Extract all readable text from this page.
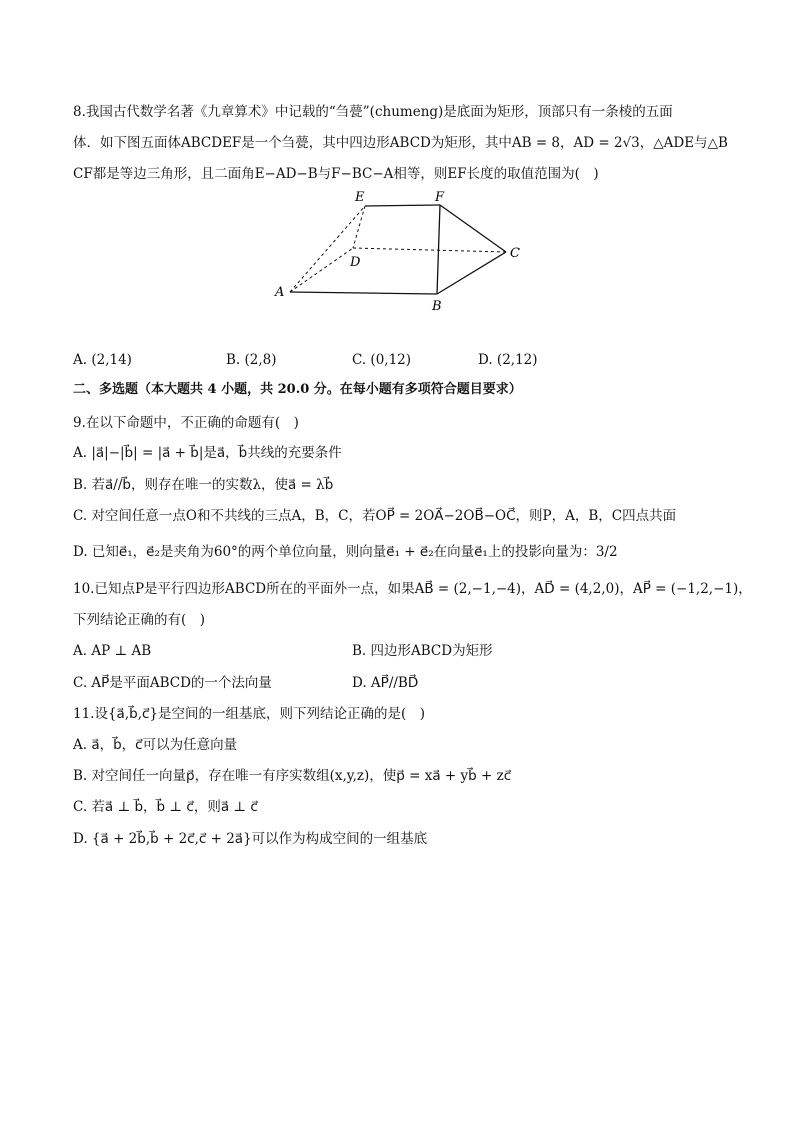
8.我国古代数学名著《九章算术》中记载的“刍甍”(chumeng)是底面为矩形，顶部只有一条棱的五面
体．如下图五面体ABCDEF是一个刍甍，其中四边形ABCD为矩形，其中AB = 8，AD = 2√3，△ADE与△B
CF都是等边三角形，且二面角E−AD−B与F−BC−A相等，则EF长度的取值范围为(　)
E	F
D
C
A
B
A. (2,14)	B. (2,8)	C. (0,12)	D. (2,12)
二、多选题（本大题共 4 小题，共 20.0 分。在每小题有多项符合题目要求）
9.在以下命题中，不正确的命题有(　)
A. |a⃗|−|b⃗| = |a⃗ + b⃗|是a⃗，b⃗共线的充要条件
B. 若a⃗//b⃗，则存在唯一的实数λ，使a⃗ = λb⃗
C. 对空间任意一点O和不共线的三点A，B，C，若OP⃗ = 2OA⃗−2OB⃗−OC⃗，则P，A，B，C四点共面
D. 已知e⃗₁，e⃗₂是夹角为60°的两个单位向量，则向量e⃗₁ + e⃗₂在向量e⃗₁上的投影向量为：3/2
10.已知点P是平行四边形ABCD所在的平面外一点，如果AB⃗ = (2,−1,−4)，AD⃗ = (4,2,0)，AP⃗ = (−1,2,−1)，
下列结论正确的有(　)
A. AP ⊥ AB	B. 四边形ABCD为矩形
C. AP⃗是平面ABCD的一个法向量	D. AP⃗//BD⃗
11.设{a⃗,b⃗,c⃗}是空间的一组基底，则下列结论正确的是(　)
A. a⃗，b⃗，c⃗可以为任意向量
B. 对空间任一向量p⃗，存在唯一有序实数组(x,y,z)，使p⃗ = xa⃗ + yb⃗ + zc⃗
C. 若a⃗ ⊥ b⃗，b⃗ ⊥ c⃗，则a⃗ ⊥ c⃗
D. {a⃗ + 2b⃗,b⃗ + 2c⃗,c⃗ + 2a⃗}可以作为构成空间的一组基底
